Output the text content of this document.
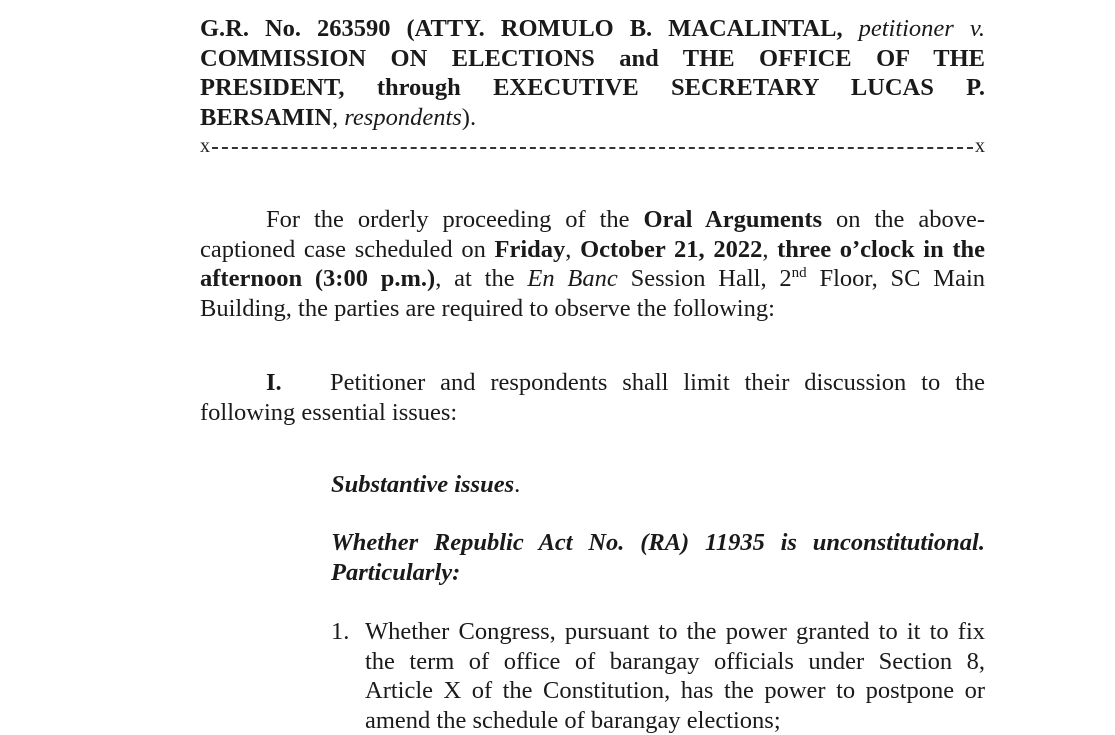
G.R. No. 263590 (ATTY. ROMULO B. MACALINTAL, petitioner v.
COMMISSION ON ELECTIONS and THE OFFICE OF THE
PRESIDENT, through EXECUTIVE SECRETARY LUCAS P.
BERSAMIN, respondents).
x	x
For the orderly proceeding of the Oral Arguments on the above-
captioned case scheduled on Friday, October 21, 2022, three o’clock in the
afternoon (3:00 p.m.), at the En Banc Session Hall, 2nd Floor, SC Main
Building, the parties are required to observe the following:
I. Petitioner and respondents shall limit their discussion to the
following essential issues:
Substantive issues.
Whether Republic Act No. (RA) 11935 is unconstitutional.
Particularly:
1. Whether Congress, pursuant to the power granted to it to fix
the term of office of barangay officials under Section 8,
Article X of the Constitution, has the power to postpone or
amend the schedule of barangay elections;
